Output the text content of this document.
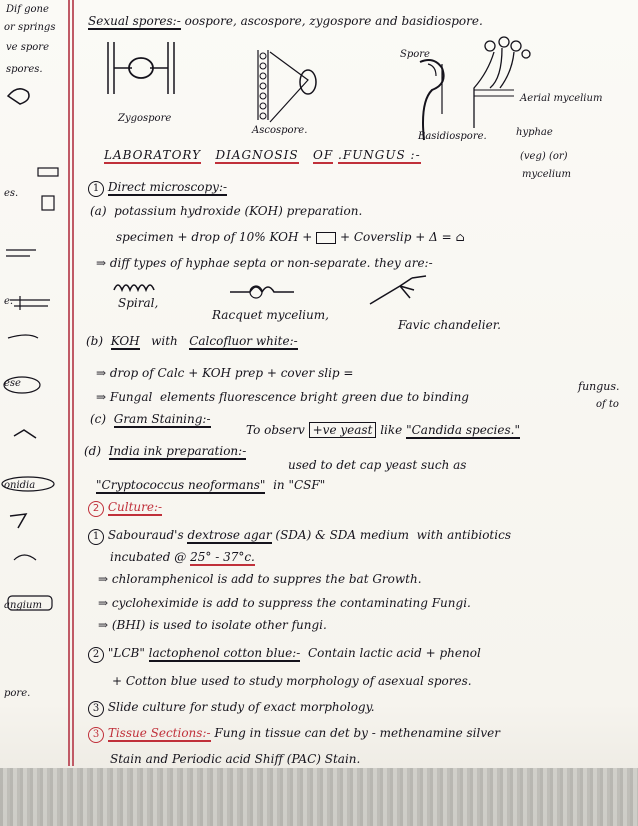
Dif gone
or springs
ve spore
spores.
es.
e.
ese
onidia
angium
pore.
Sexual spores:- oospore, ascospore, zygospore and basidiospore.
Zygospore
Ascospore.
Spore
Aerial mycelium
Basidiospore.	hyphae
(veg) (or)
mycelium
LABORATORY DIAGNOSIS OF .FUNGUS :-
1 Direct microscopy:-
(a) potassium hydroxide (KOH) preparation.
specimen + drop of 10% KOH + + Coverslip + Δ = ⌂
⇒ diff types of hyphae septa or non-separate. they are:-
Spiral,
Racquet mycelium,
Favic chandelier.
(b) KOH with Calcofluor white:-
⇒ drop of Calc + KOH prep + cover slip =
fungus.
⇒ Fungal elements fluorescence bright green due to binding
of to
(c) Gram Staining:-
To observ +ve yeast like "Candida species."
(d) India ink preparation:-
used to det cap yeast such as
"Cryptococcus neoformans" in "CSF"
2 Culture:-
1 Sabouraud's dextrose agar (SDA) & SDA medium with antibiotics
incubated @ 25° - 37°c.
⇒ chloramphenicol is add to suppres the bat Growth.
⇒ cycloheximide is add to suppress the contaminating Fungi.
⇒ (BHI) is used to isolate other fungi.
2 "LCB" lactophenol cotton blue:- Contain lactic acid + phenol
+ Cotton blue used to study morphology of asexual spores.
3 Slide culture for study of exact morphology.
3 Tissue Sections:- Fung in tissue can det by - methenamine silver
Stain and Periodic acid Shiff (PAC) Stain.
